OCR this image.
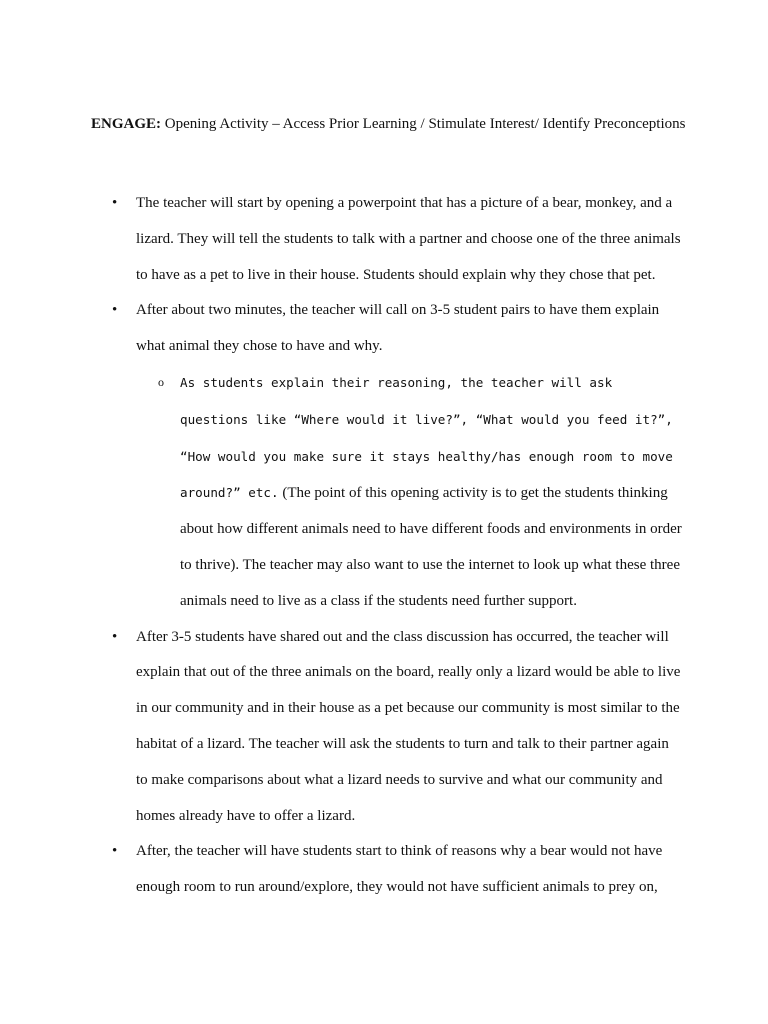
ENGAGE: Opening Activity – Access Prior Learning / Stimulate Interest/ Identify Preconceptions
• The teacher will start by opening a powerpoint that has a picture of a bear, monkey, and a lizard. They will tell the students to talk with a partner and choose one of the three animals to have as a pet to live in their house. Students should explain why they chose that pet.
• After about two minutes, the teacher will call on 3-5 student pairs to have them explain what animal they chose to have and why.
o As students explain their reasoning, the teacher will ask questions like “Where would it live?”, “What would you feed it?”, “How would you make sure it stays healthy/has enough room to move around?” etc. (The point of this opening activity is to get the students thinking about how different animals need to have different foods and environments in order to thrive). The teacher may also want to use the internet to look up what these three animals need to live as a class if the students need further support.
• After 3-5 students have shared out and the class discussion has occurred, the teacher will explain that out of the three animals on the board, really only a lizard would be able to live in our community and in their house as a pet because our community is most similar to the habitat of a lizard. The teacher will ask the students to turn and talk to their partner again to make comparisons about what a lizard needs to survive and what our community and homes already have to offer a lizard.
• After, the teacher will have students start to think of reasons why a bear would not have enough room to run around/explore, they would not have sufficient animals to prey on,
